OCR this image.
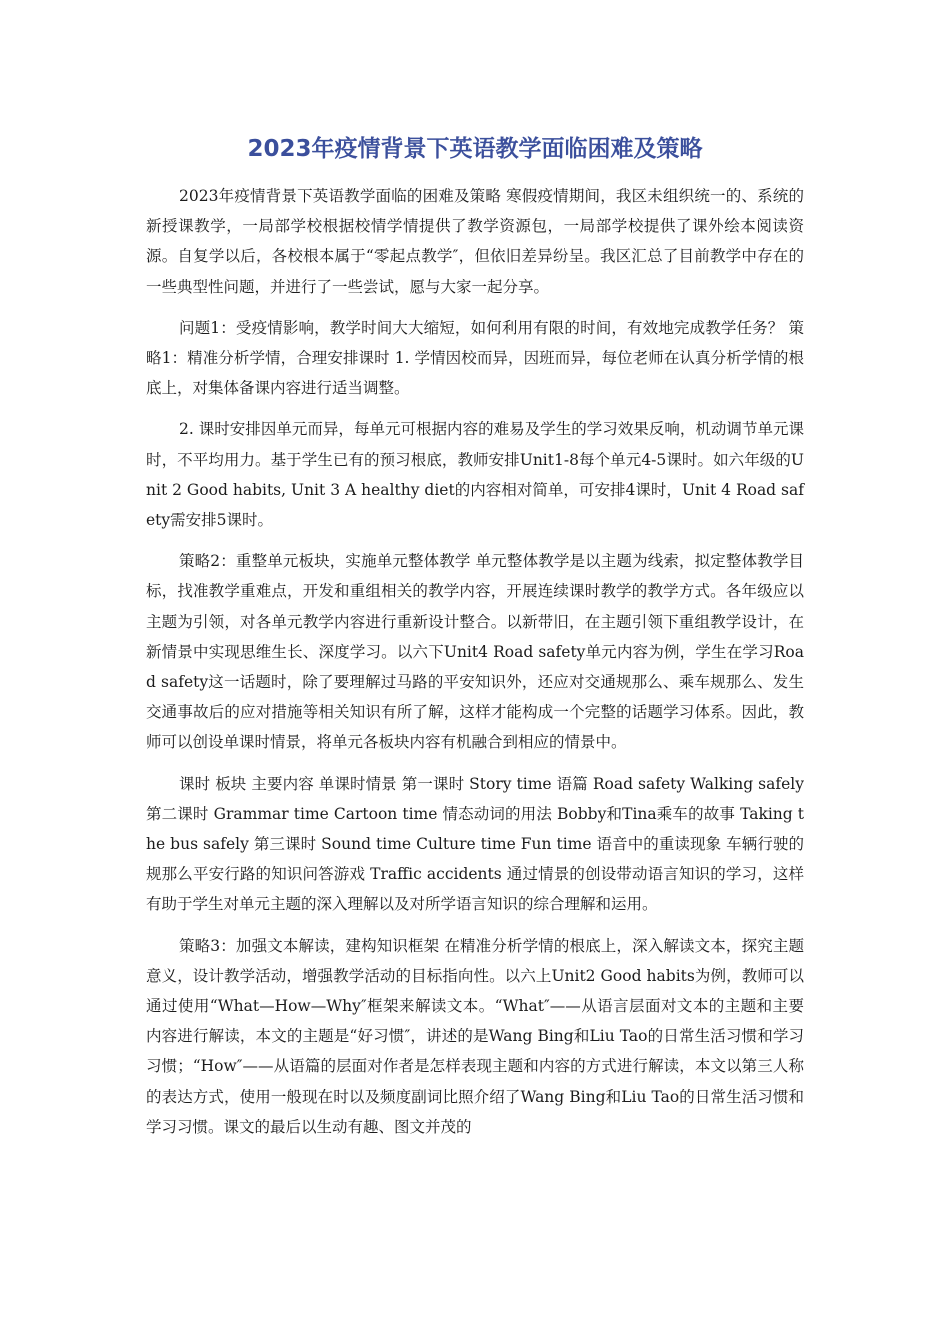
2023年疫情背景下英语教学面临困难及策略

2023年疫情背景下英语教学面临的困难及策略 寒假疫情期间，我区未组织统一的、系统的新授课教学，一局部学校根据校情学情提供了教学资源包，一局部学校提供了课外绘本阅读资源。自复学以后，各校根本属于“零起点教学″，但依旧差异纷呈。我区汇总了目前教学中存在的一些典型性问题，并进行了一些尝试，愿与大家一起分享。

问题1：受疫情影响，教学时间大大缩短，如何利用有限的时间，有效地完成教学任务？ 策略1：精准分析学情，合理安排课时 1. 学情因校而异，因班而异，每位老师在认真分析学情的根底上，对集体备课内容进行适当调整。

2. 课时安排因单元而异，每单元可根据内容的难易及学生的学习效果反响，机动调节单元课时，不平均用力。基于学生已有的预习根底，教师安排Unit1-8每个单元4-5课时。如六年级的Unit 2 Good habits, Unit 3 A healthy diet的内容相对简单，可安排4课时，Unit 4 Road safety需安排5课时。

策略2：重整单元板块，实施单元整体教学 单元整体教学是以主题为线索，拟定整体教学目标，找准教学重难点，开发和重组相关的教学内容，开展连续课时教学的教学方式。各年级应以主题为引领，对各单元教学内容进行重新设计整合。以新带旧，在主题引领下重组教学设计，在新情景中实现思维生长、深度学习。以六下Unit4 Road safety单元内容为例，学生在学习Road safety这一话题时，除了要理解过马路的平安知识外，还应对交通规那么、乘车规那么、发生交通事故后的应对措施等相关知识有所了解，这样才能构成一个完整的话题学习体系。因此，教师可以创设单课时情景，将单元各板块内容有机融合到相应的情景中。

课时 板块 主要内容 单课时情景 第一课时 Story time 语篇 Road safety Walking safely 第二课时 Grammar time Cartoon time 情态动词的用法 Bobby和Tina乘车的故事 Taking the bus safely 第三课时 Sound time Culture time Fun time 语音中的重读现象 车辆行驶的规那么平安行路的知识问答游戏 Traffic accidents 通过情景的创设带动语言知识的学习，这样有助于学生对单元主题的深入理解以及对所学语言知识的综合理解和运用。

策略3：加强文本解读，建构知识框架 在精准分析学情的根底上，深入解读文本，探究主题意义，设计教学活动，增强教学活动的目标指向性。以六上Unit2 Good habits为例，教师可以通过使用“What—How—Why″框架来解读文本。“What″——从语言层面对文本的主题和主要内容进行解读，本文的主题是“好习惯″，讲述的是Wang Bing和Liu Tao的日常生活习惯和学习习惯；“How″——从语篇的层面对作者是怎样表现主题和内容的方式进行解读，本文以第三人称的表达方式，使用一般现在时以及频度副词比照介绍了Wang Bing和Liu Tao的日常生活习惯和学习习惯。课文的最后以生动有趣、图文并茂的
